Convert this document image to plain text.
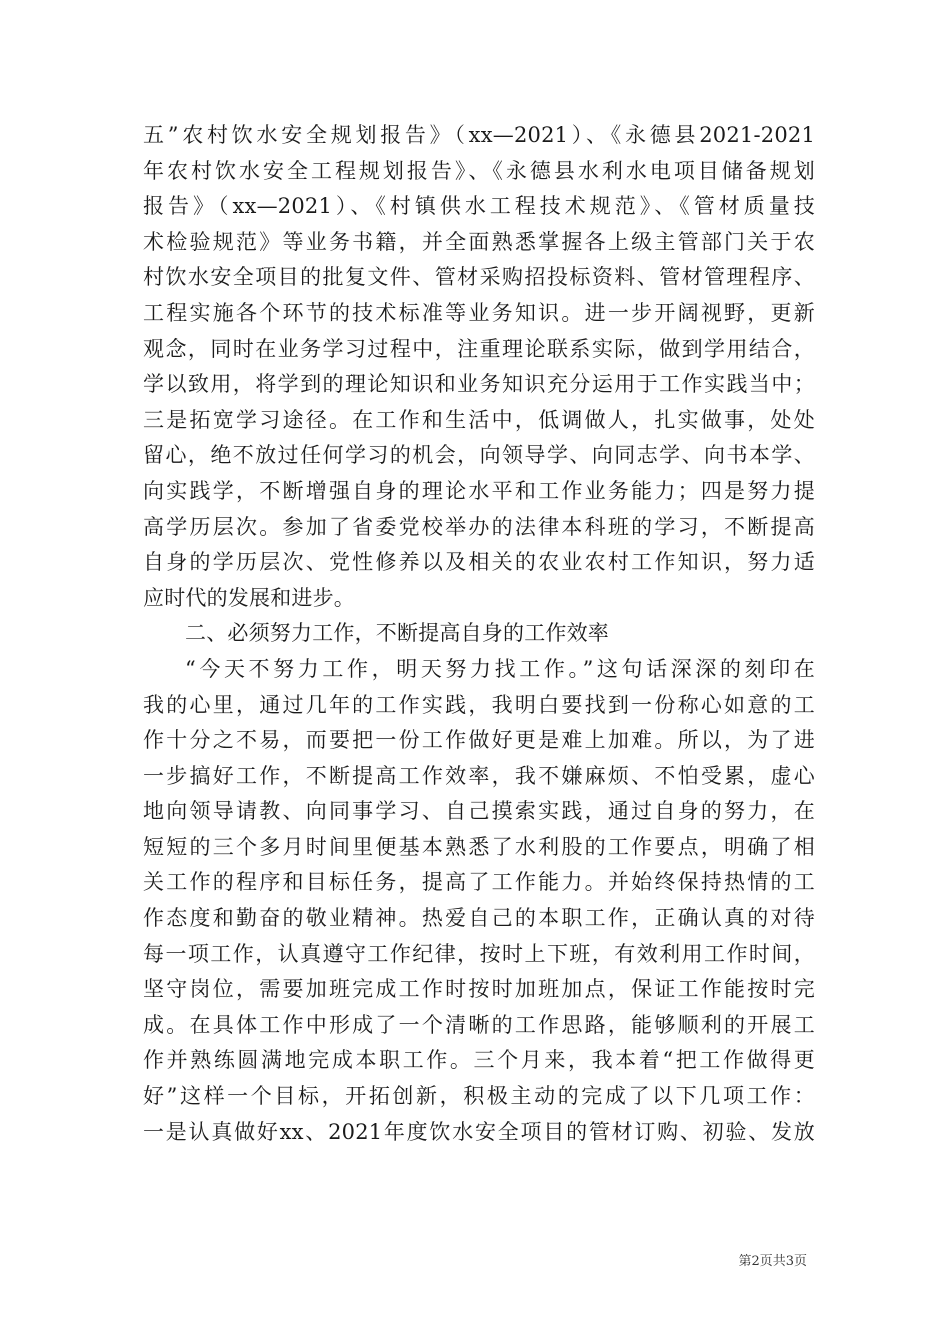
五”农村饮水安全规划报告》（xx—2021）、《永德县2021-2021
年农村饮水安全工程规划报告》、《永德县水利水电项目储备规划
报告》（xx—2021）、《村镇供水工程技术规范》、《管材质量技
术检验规范》等业务书籍，并全面熟悉掌握各上级主管部门关于农
村饮水安全项目的批复文件、管材采购招投标资料、管材管理程序、
工程实施各个环节的技术标准等业务知识。进一步开阔视野，更新
观念，同时在业务学习过程中，注重理论联系实际，做到学用结合，
学以致用，将学到的理论知识和业务知识充分运用于工作实践当中；
三是拓宽学习途径。在工作和生活中，低调做人，扎实做事，处处
留心，绝不放过任何学习的机会，向领导学、向同志学、向书本学、
向实践学，不断增强自身的理论水平和工作业务能力；四是努力提
高学历层次。参加了省委党校举办的法律本科班的学习，不断提高
自身的学历层次、党性修养以及相关的农业农村工作知识，努力适
应时代的发展和进步。
二、必须努力工作，不断提高自身的工作效率
“今天不努力工作，明天努力找工作。”这句话深深的刻印在
我的心里，通过几年的工作实践，我明白要找到一份称心如意的工
作十分之不易，而要把一份工作做好更是难上加难。所以，为了进
一步搞好工作，不断提高工作效率，我不嫌麻烦、不怕受累，虚心
地向领导请教、向同事学习、自己摸索实践，通过自身的努力，在
短短的三个多月时间里便基本熟悉了水利股的工作要点，明确了相
关工作的程序和目标任务，提高了工作能力。并始终保持热情的工
作态度和勤奋的敬业精神。热爱自己的本职工作，正确认真的对待
每一项工作，认真遵守工作纪律，按时上下班，有效利用工作时间，
坚守岗位，需要加班完成工作时按时加班加点，保证工作能按时完
成。在具体工作中形成了一个清晰的工作思路，能够顺利的开展工
作并熟练圆满地完成本职工作。三个月来，我本着“把工作做得更
好”这样一个目标，开拓创新，积极主动的完成了以下几项工作：
一是认真做好xx、2021年度饮水安全项目的管材订购、初验、发放
第2页共3页
